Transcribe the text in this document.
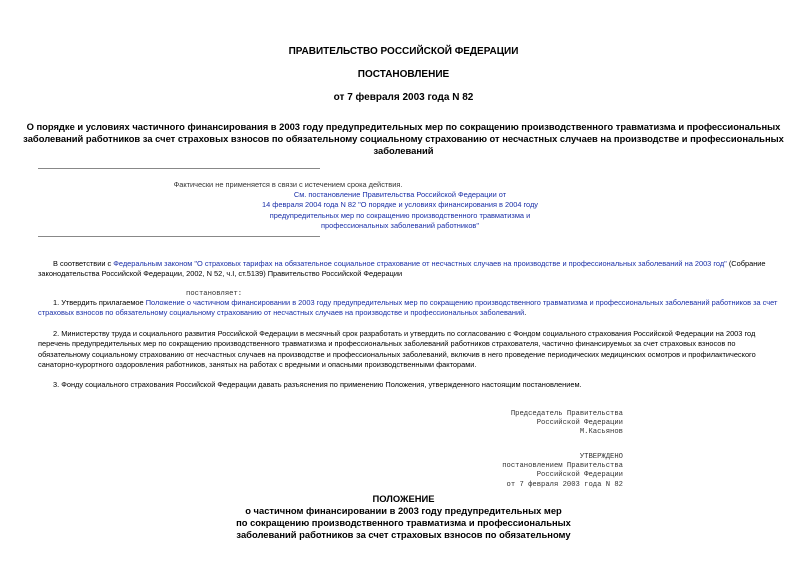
ПРАВИТЕЛЬСТВО РОССИЙСКОЙ ФЕДЕРАЦИИ
ПОСТАНОВЛЕНИЕ
от 7 февраля 2003 года N 82
О порядке и условиях частичного финансирования в 2003 году предупредительных мер по сокращению производственного травматизма и профессиональных
заболеваний работников за счет страховых взносов по обязательному социальному страхованию от несчастных случаев на производстве и профессиональных
заболеваний
Фактически не применяется в связи с истечением срока действия.
См. постановление Правительства Российской Федерации от
14 февраля 2004 года N 82 "О порядке и условиях финансирования в 2004 году
предупредительных мер по сокращению производственного травматизма и
профессиональных заболеваний работников"
В соответствии с Федеральным законом "О страховых тарифах на обязательное социальное страхование от несчастных случаев на производстве и профессиональных заболеваний на 2003 год" (Собрание
законодательства Российской Федерации, 2002, N 52, ч.I, ст.5139) Правительство Российской Федерации
постановляет:
1. Утвердить прилагаемое Положение о частичном финансировании в 2003 году предупредительных мер по сокращению производственного травматизма и профессиональных заболеваний работников за счет
страховых взносов по обязательному социальному страхованию от несчастных случаев на производстве и профессиональных заболеваний.
2. Министерству труда и социального развития Российской Федерации в месячный срок разработать и утвердить по согласованию с Фондом социального страхования Российской Федерации на 2003 год
перечень предупредительных мер по сокращению производственного травматизма и профессиональных заболеваний работников страхователя, частично финансируемых за счет страховых взносов по
обязательному социальному страхованию от несчастных случаев на производстве и профессиональных заболеваний, включив в него проведение периодических медицинских осмотров и профилактического
санаторно-курортного оздоровления работников, занятых на работах с вредными и опасными производственными факторами.
3. Фонду социального страхования Российской Федерации давать разъяснения по применению Положения, утвержденного настоящим постановлением.
Председатель Правительства
Российской Федерации
М.Касьянов
УТВЕРЖДЕНО
постановлением Правительства
Российской Федерации
от 7 февраля 2003 года N 82
ПОЛОЖЕНИЕ
о частичном финансировании в 2003 году предупредительных мер
по сокращению производственного травматизма и профессиональных
заболеваний работников за счет страховых взносов по обязательному
